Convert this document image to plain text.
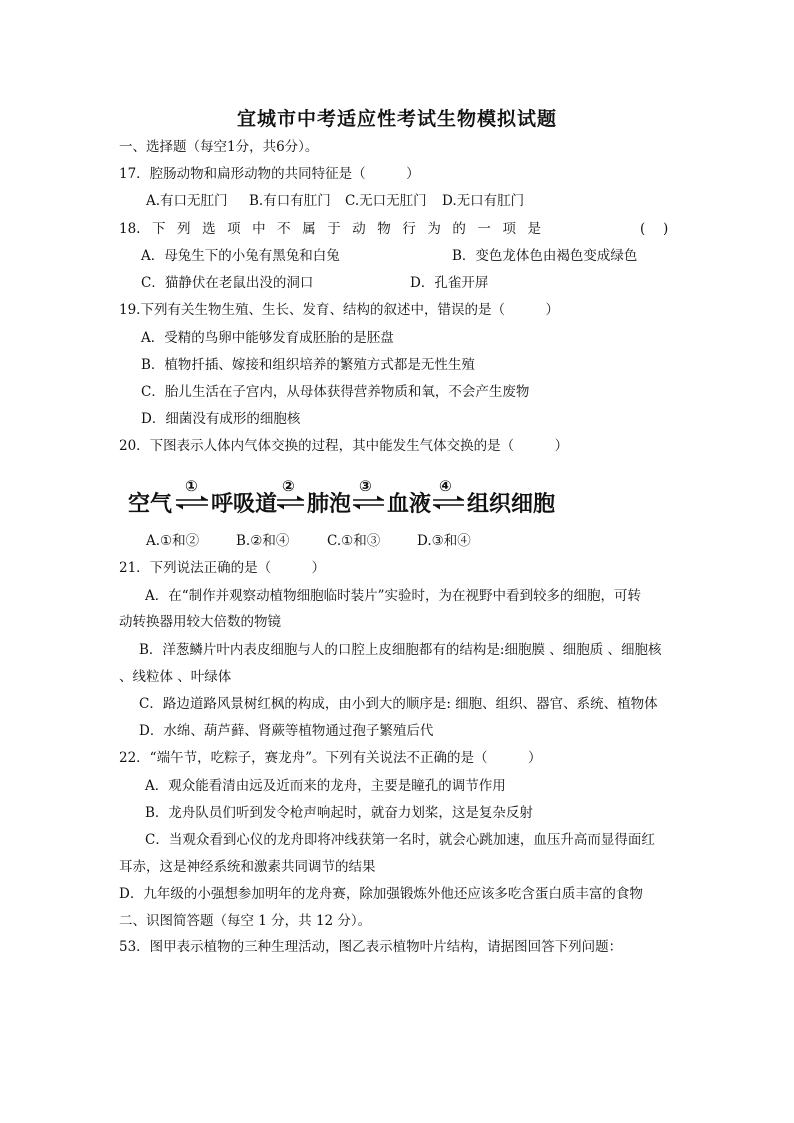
宜城市中考适应性考试生物模拟试题
一、选择题（每空1分，共6分）。
17．腔肠动物和扁形动物的共同特征是（　　　）
A.有口无肛门 B.有口有肛门 C.无口无肛门 D.无口有肛门
18. 下 列 选 项 中 不 属 于 动 物 行 为 的 一 项 是	(　 )
A．母兔生下的小兔有黑兔和白兔	B．变色龙体色由褐色变成绿色
C．猫静伏在老鼠出没的洞口	D．孔雀开屏
19.下列有关生物生殖、生长、发育、结构的叙述中，错误的是（　　　）
A．受精的鸟卵中能够发育成胚胎的是胚盘
B．植物扦插、嫁接和组织培养的繁殖方式都是无性生殖
C．胎儿生活在子宫内，从母体获得营养物质和氧，不会产生废物
D．细菌没有成形的细胞核
20．下图表示人体内气体交换的过程，其中能发生气体交换的是（　　　）
空气
①
呼吸道
②
肺泡
③
血液
④
组织细胞
A.①和②	B.②和④	C.①和③	D.③和④
21．下列说法正确的是（　　　）
A．在“制作并观察动植物细胞临时装片”实验时，为在视野中看到较多的细胞，可转
动转换器用较大倍数的物镜
B．洋葱鳞片叶内表皮细胞与人的口腔上皮细胞都有的结构是:细胞膜 、细胞质 、细胞核
、线粒体 、叶绿体
C．路边道路风景树红枫的构成，由小到大的顺序是: 细胞、组织、器官、系统、植物体
D．水绵、葫芦藓、肾蕨等植物通过孢子繁殖后代
22．“端午节，吃粽子，赛龙舟”。下列有关说法不正确的是（　　　）
A．观众能看清由远及近而来的龙舟，主要是瞳孔的调节作用
B．龙舟队员们听到发令枪声响起时，就奋力划桨，这是复杂反射
C．当观众看到心仪的龙舟即将冲线获第一名时，就会心跳加速，血压升高而显得面红
耳赤，这是神经系统和激素共同调节的结果
D．九年级的小强想参加明年的龙舟赛，除加强锻炼外他还应该多吃含蛋白质丰富的食物
二、识图简答题（每空 1 分，共 12 分）。
53．图甲表示植物的三种生理活动，图乙表示植物叶片结构，请据图回答下列问题：
